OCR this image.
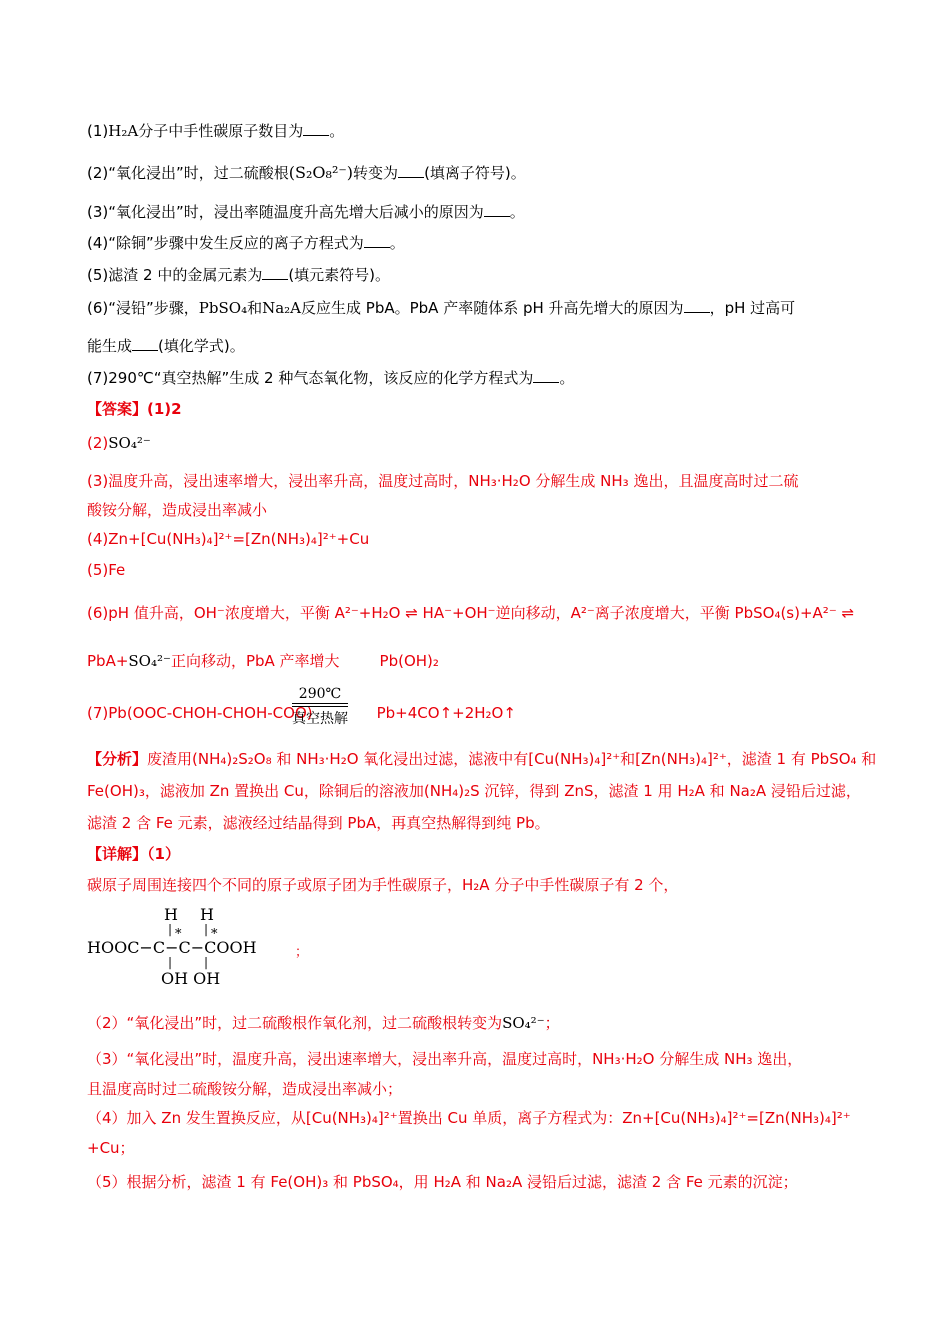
(1)H₂A分子中手性碳原子数目为 。
(2)“氧化浸出”时，过二硫酸根(S₂O₈²⁻)转变为 (填离子符号)。
(3)“氧化浸出”时，浸出率随温度升高先增大后减小的原因为 。
(4)“除铜”步骤中发生反应的离子方程式为 。
(5)滤渣 2 中的金属元素为 (填元素符号)。
(6)“浸铅”步骤，PbSO₄和Na₂A反应生成 PbA。PbA 产率随体系 pH 升高先增大的原因为 ，pH 过高可
能生成 (填化学式)。
(7)290℃“真空热解”生成 2 种气态氧化物，该反应的化学方程式为 。
【答案】(1)2
(2)SO₄²⁻
(3)温度升高，浸出速率增大，浸出率升高，温度过高时，NH₃·H₂O 分解生成 NH₃ 逸出，且温度高时过二硫
酸铵分解，造成浸出率减小
(4)Zn+[Cu(NH₃)₄]²⁺=[Zn(NH₃)₄]²⁺+Cu
(5)Fe
(6)pH 值升高，OH⁻浓度增大，平衡 A²⁻+H₂O ⇌ HA⁻+OH⁻逆向移动，A²⁻离子浓度增大，平衡 PbSO₄(s)+A²⁻ ⇌
PbA+SO₄²⁻正向移动，PbA 产率增大	Pb(OH)₂
(7)Pb(OOC-CHOH-CHOH-COO)	Pb+4CO↑+2H₂O↑
290℃
真空热解
【分析】废渣用(NH₄)₂S₂O₈ 和 NH₃·H₂O 氧化浸出过滤，滤液中有[Cu(NH₃)₄]²⁺和[Zn(NH₃)₄]²⁺，滤渣 1 有 PbSO₄ 和
Fe(OH)₃，滤液加 Zn 置换出 Cu，除铜后的溶液加(NH₄)₂S 沉锌，得到 ZnS，滤渣 1 用 H₂A 和 Na₂A 浸铅后过滤，
滤渣 2 含 Fe 元素，滤液经过结晶得到 PbA，再真空热解得到纯 Pb。
【详解】（1）
碳原子周围连接四个不同的原子或原子团为手性碳原子，H₂A 分子中手性碳原子有 2 个，
H H
|	|
* *
HOOC−C−C−COOH
|	|
OH OH
；
（2）“氧化浸出”时，过二硫酸根作氧化剂，过二硫酸根转变为SO₄²⁻；
（3）“氧化浸出”时，温度升高，浸出速率增大，浸出率升高，温度过高时，NH₃·H₂O 分解生成 NH₃ 逸出，
且温度高时过二硫酸铵分解，造成浸出率减小；
（4）加入 Zn 发生置换反应，从[Cu(NH₃)₄]²⁺置换出 Cu 单质，离子方程式为：Zn+[Cu(NH₃)₄]²⁺=[Zn(NH₃)₄]²⁺
+Cu；
（5）根据分析，滤渣 1 有 Fe(OH)₃ 和 PbSO₄，用 H₂A 和 Na₂A 浸铅后过滤，滤渣 2 含 Fe 元素的沉淀；
